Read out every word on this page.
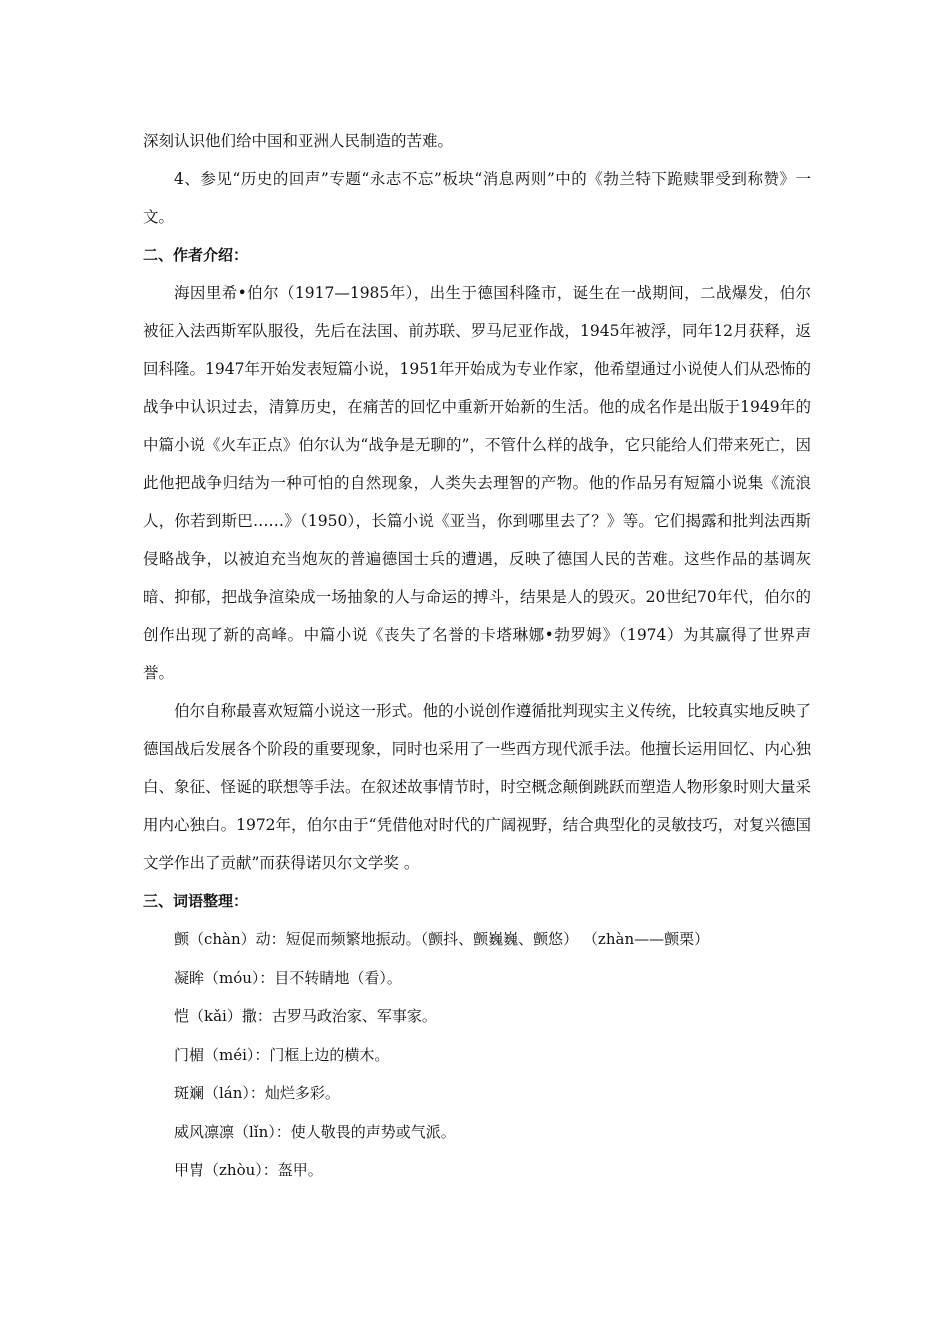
深刻认识他们给中国和亚洲人民制造的苦难。

4、参见“历史的回声”专题“永志不忘”板块“消息两则”中的《勃兰特下跪赎罪受到称赞》一文。

二、作者介绍：

海因里希•伯尔（1917—1985年），出生于德国科隆市，诞生在一战期间，二战爆发，伯尔被征入法西斯军队服役，先后在法国、前苏联、罗马尼亚作战，1945年被浮，同年12月获释，返回科隆。1947年开始发表短篇小说，1951年开始成为专业作家，他希望通过小说使人们从恐怖的战争中认识过去，清算历史，在痛苦的回忆中重新开始新的生活。他的成名作是出版于1949年的中篇小说《火车正点》伯尔认为“战争是无聊的”，不管什么样的战争，它只能给人们带来死亡，因此他把战争归结为一种可怕的自然现象，人类失去理智的产物。他的作品另有短篇小说集《流浪人，你若到斯巴……》（1950），长篇小说《亚当，你到哪里去了？》等。它们揭露和批判法西斯侵略战争，以被迫充当炮灰的普遍德国士兵的遭遇，反映了德国人民的苦难。这些作品的基调灰暗、抑郁，把战争渲染成一场抽象的人与命运的搏斗，结果是人的毁灭。20世纪70年代，伯尔的创作出现了新的高峰。中篇小说《丧失了名誉的卡塔琳娜•勃罗姆》（1974）为其赢得了世界声誉。

伯尔自称最喜欢短篇小说这一形式。他的小说创作遵循批判现实主义传统，比较真实地反映了德国战后发展各个阶段的重要现象，同时也采用了一些西方现代派手法。他擅长运用回忆、内心独白、象征、怪诞的联想等手法。在叙述故事情节时，时空概念颠倒跳跃而塑造人物形象时则大量采用内心独白。1972年，伯尔由于“凭借他对时代的广阔视野，结合典型化的灵敏技巧，对复兴德国文学作出了贡献”而获得诺贝尔文学奖 。

三、词语整理：

颤（chàn）动：短促而频繁地振动。（颤抖、颤巍巍、颤悠） （zhàn——颤栗）

凝眸（móu）：目不转睛地（看）。

恺（kǎi）撒：古罗马政治家、军事家。

门楣（méi）：门框上边的横木。

斑斓（lán）：灿烂多彩。

威风凛凛（lǐn）：使人敬畏的声势或气派。

甲胄（zhòu）：盔甲。
